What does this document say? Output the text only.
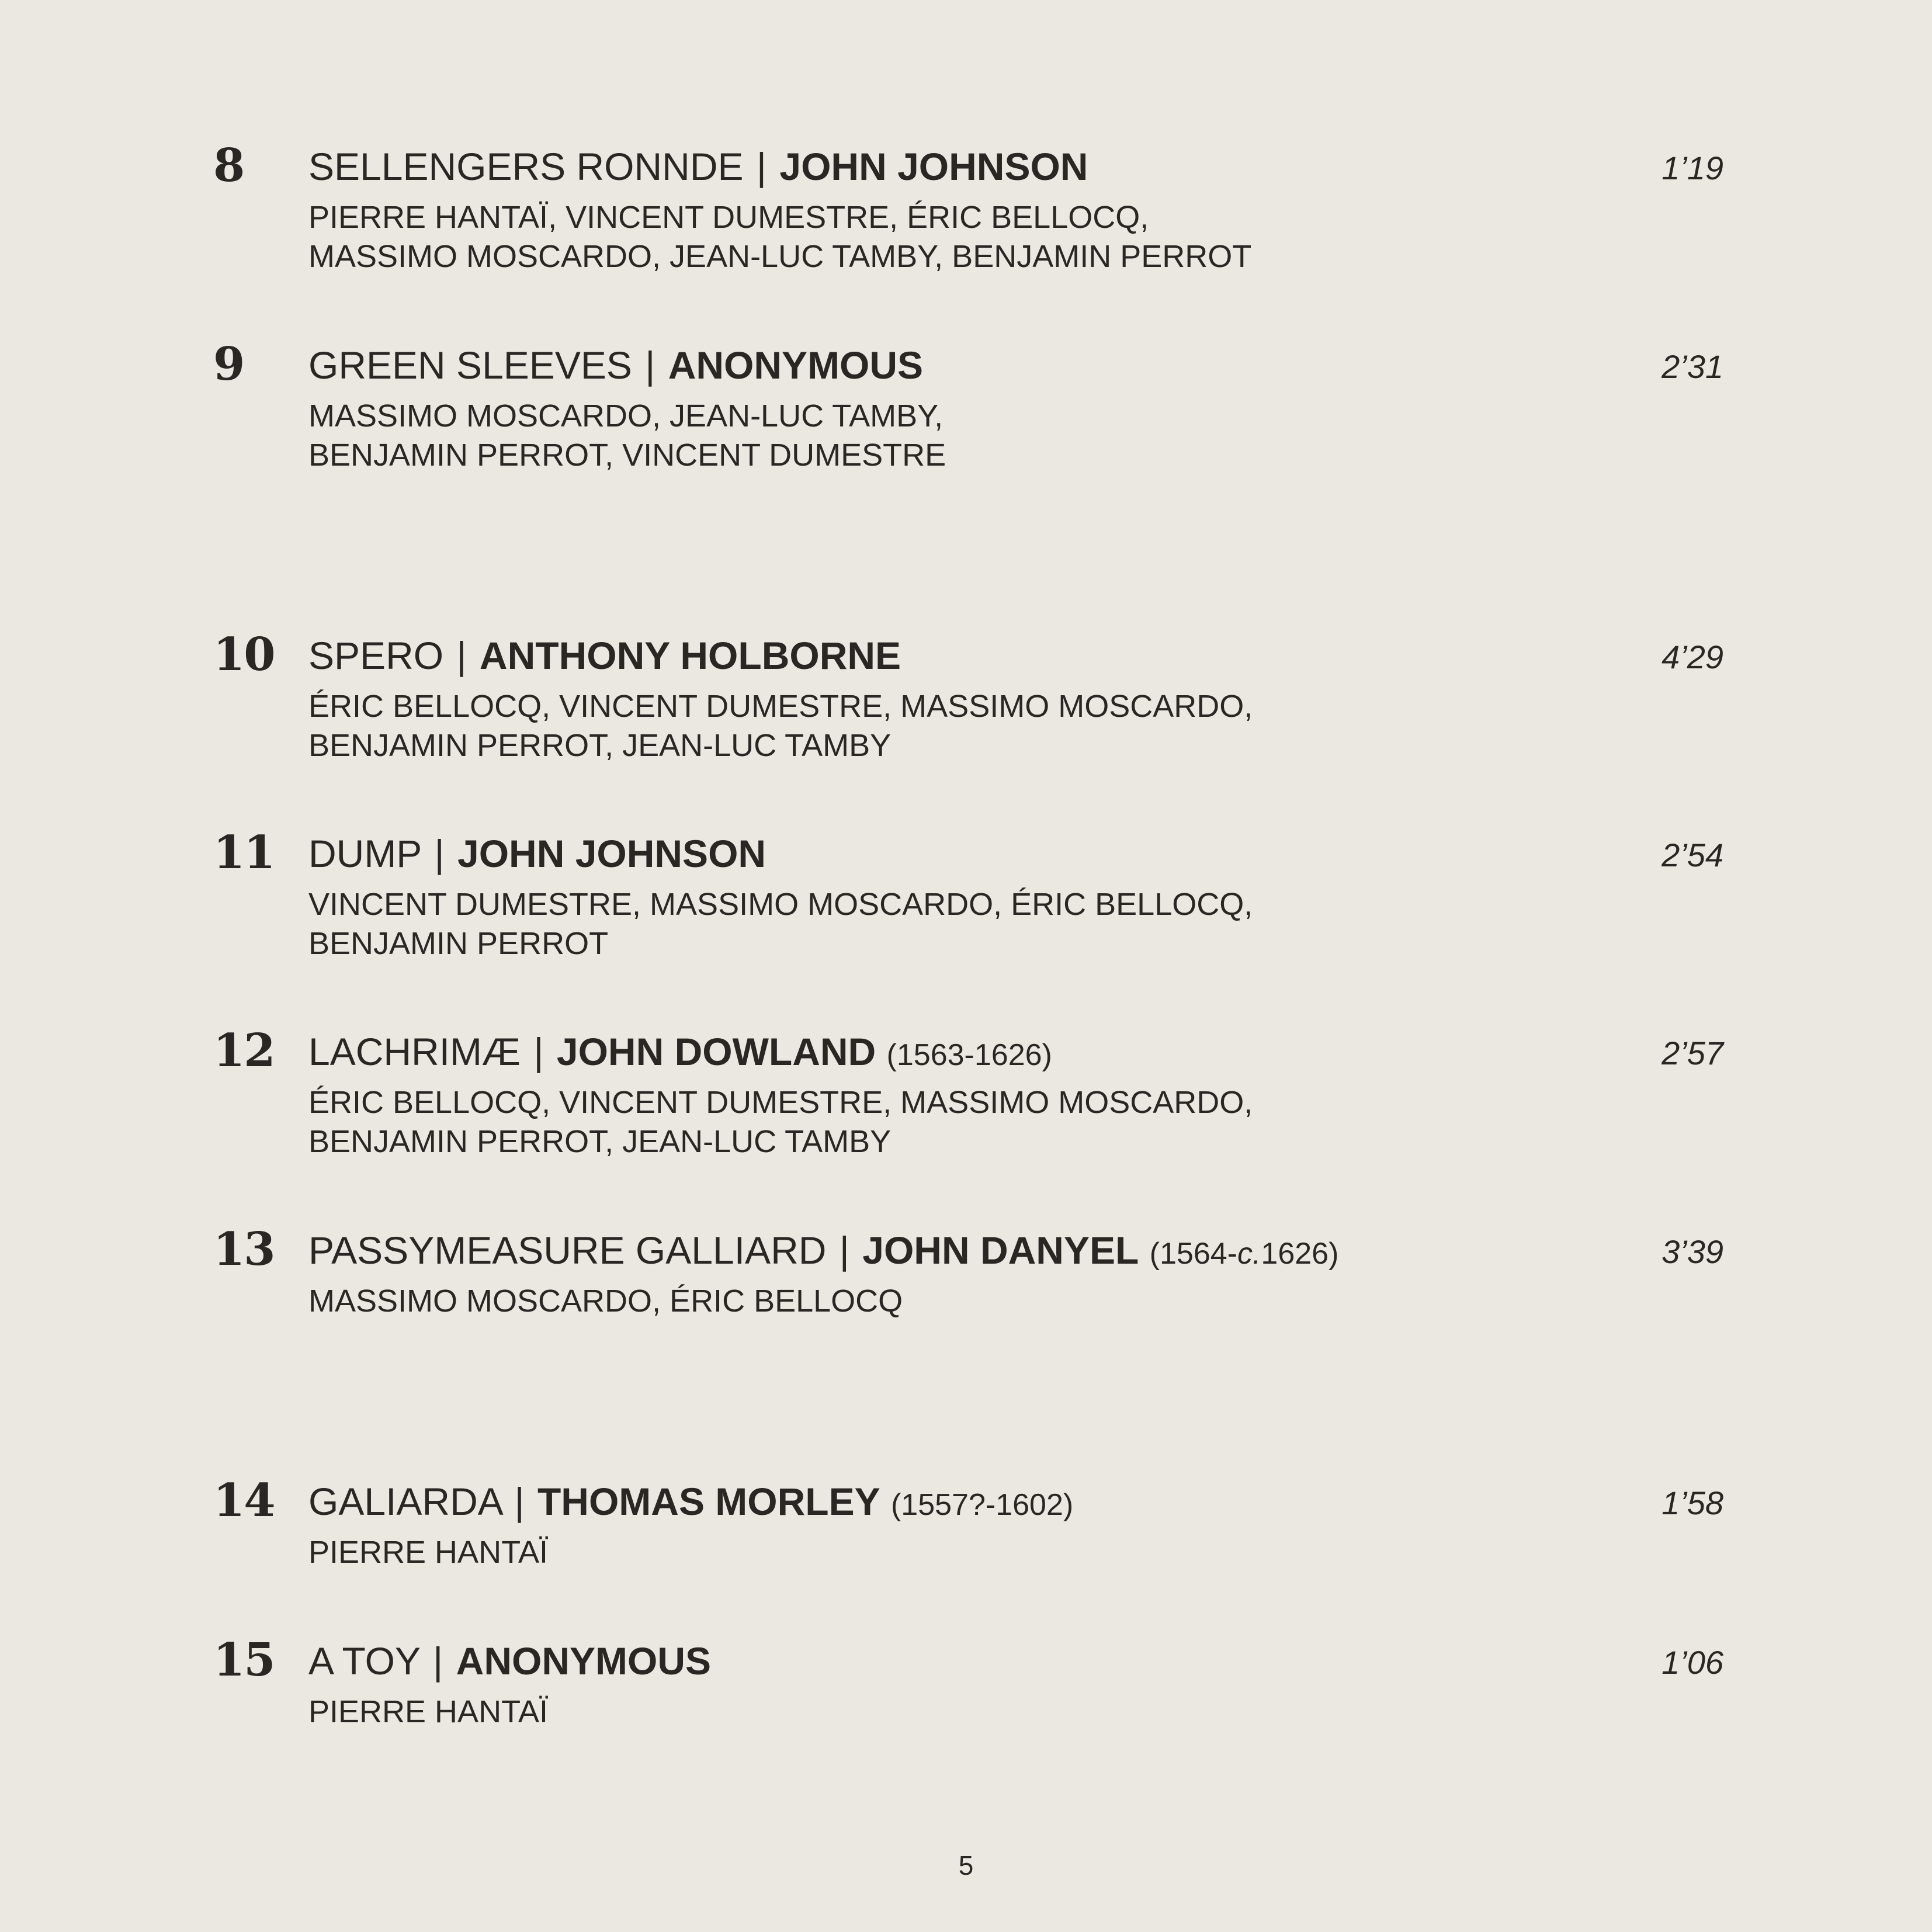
8 SELLENGERS RONNDE | JOHN JOHNSON	1’19
PIERRE HANTAÏ, VINCENT DUMESTRE, ÉRIC BELLOCQ,
MASSIMO MOSCARDO, JEAN-LUC TAMBY, BENJAMIN PERROT
9 GREEN SLEEVES | ANONYMOUS	2’31
MASSIMO MOSCARDO, JEAN-LUC TAMBY,
BENJAMIN PERROT, VINCENT DUMESTRE
10 SPERO | ANTHONY HOLBORNE	4’29
ÉRIC BELLOCQ, VINCENT DUMESTRE, MASSIMO MOSCARDO,
BENJAMIN PERROT, JEAN-LUC TAMBY
11 DUMP | JOHN JOHNSON	2’54
VINCENT DUMESTRE, MASSIMO MOSCARDO, ÉRIC BELLOCQ,
BENJAMIN PERROT
12 LACHRIMÆ | JOHN DOWLAND (1563-1626)	2’57
ÉRIC BELLOCQ, VINCENT DUMESTRE, MASSIMO MOSCARDO,
BENJAMIN PERROT, JEAN-LUC TAMBY
13 PASSYMEASURE GALLIARD | JOHN DANYEL (1564-c.1626)	3’39
MASSIMO MOSCARDO, ÉRIC BELLOCQ
14 GALIARDA | THOMAS MORLEY (1557?-1602)	1’58
PIERRE HANTAÏ
15 A TOY | ANONYMOUS	1’06
PIERRE HANTAÏ
5
